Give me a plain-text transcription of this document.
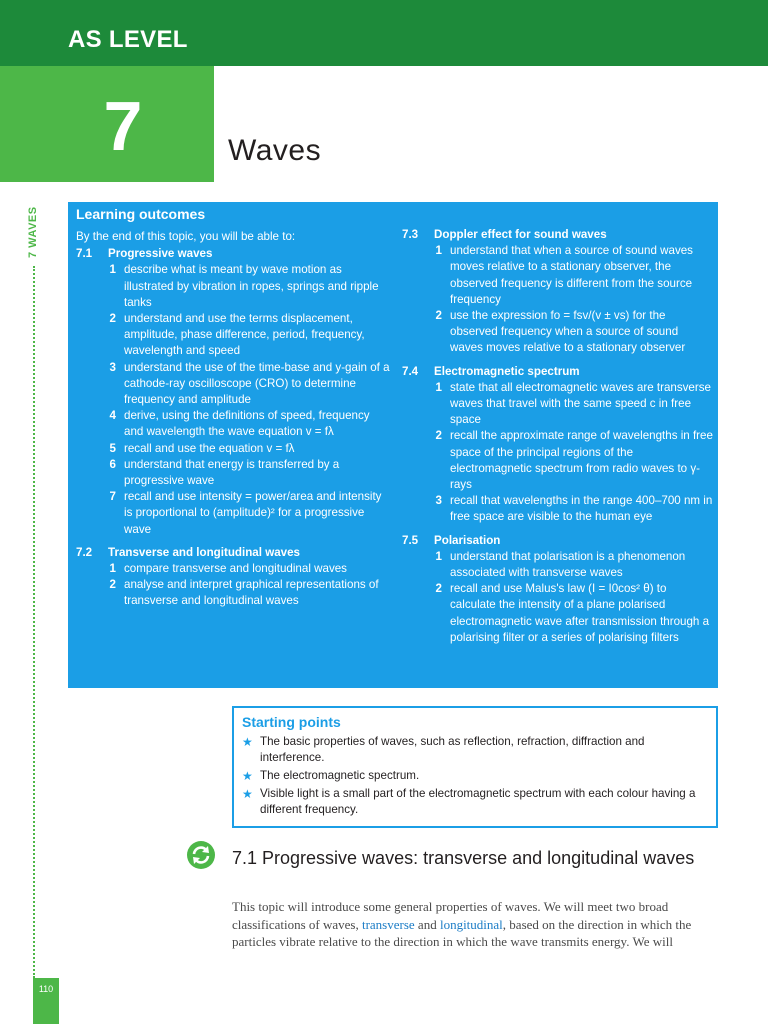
AS LEVEL
7	Waves
7 WAVES
110
Learning outcomes
By the end of this topic, you will be able to:
7.1	Progressive waves
1 describe what is meant by wave motion as illustrated by vibration in ropes, springs and ripple tanks
2 understand and use the terms displacement, amplitude, phase difference, period, frequency, wavelength and speed
3 understand the use of the time-base and y-gain of a cathode-ray oscilloscope (CRO) to determine frequency and amplitude
4 derive, using the definitions of speed, frequency and wavelength the wave equation v = fλ
5 recall and use the equation v = fλ
6 understand that energy is transferred by a progressive wave
7 recall and use intensity = power/area and intensity is proportional to (amplitude)² for a progressive wave
7.2	Transverse and longitudinal waves
1 compare transverse and longitudinal waves
2 analyse and interpret graphical representations of transverse and longitudinal waves
7.3	Doppler effect for sound waves
1 understand that when a source of sound waves moves relative to a stationary observer, the observed frequency is different from the source frequency
2 use the expression fo = fsv/(v ± vs) for the observed frequency when a source of sound waves moves relative to a stationary observer
7.4	Electromagnetic spectrum
1 state that all electromagnetic waves are transverse waves that travel with the same speed c in free space
2 recall the approximate range of wavelengths in free space of the principal regions of the electromagnetic spectrum from radio waves to γ-rays
3 recall that wavelengths in the range 400–700 nm in free space are visible to the human eye
7.5	Polarisation
1 understand that polarisation is a phenomenon associated with transverse waves
2 recall and use Malus's law (I = I0cos² θ) to calculate the intensity of a plane polarised electromagnetic wave after transmission through a polarising filter or a series of polarising filters
Starting points
★ The basic properties of waves, such as reflection, refraction, diffraction and interference.
★ The electromagnetic spectrum.
★ Visible light is a small part of the electromagnetic spectrum with each colour having a different frequency.
7.1 Progressive waves: transverse and longitudinal waves
This topic will introduce some general properties of waves. We will meet two broad classifications of waves, transverse and longitudinal, based on the direction in which the particles vibrate relative to the direction in which the wave transmits energy. We will
